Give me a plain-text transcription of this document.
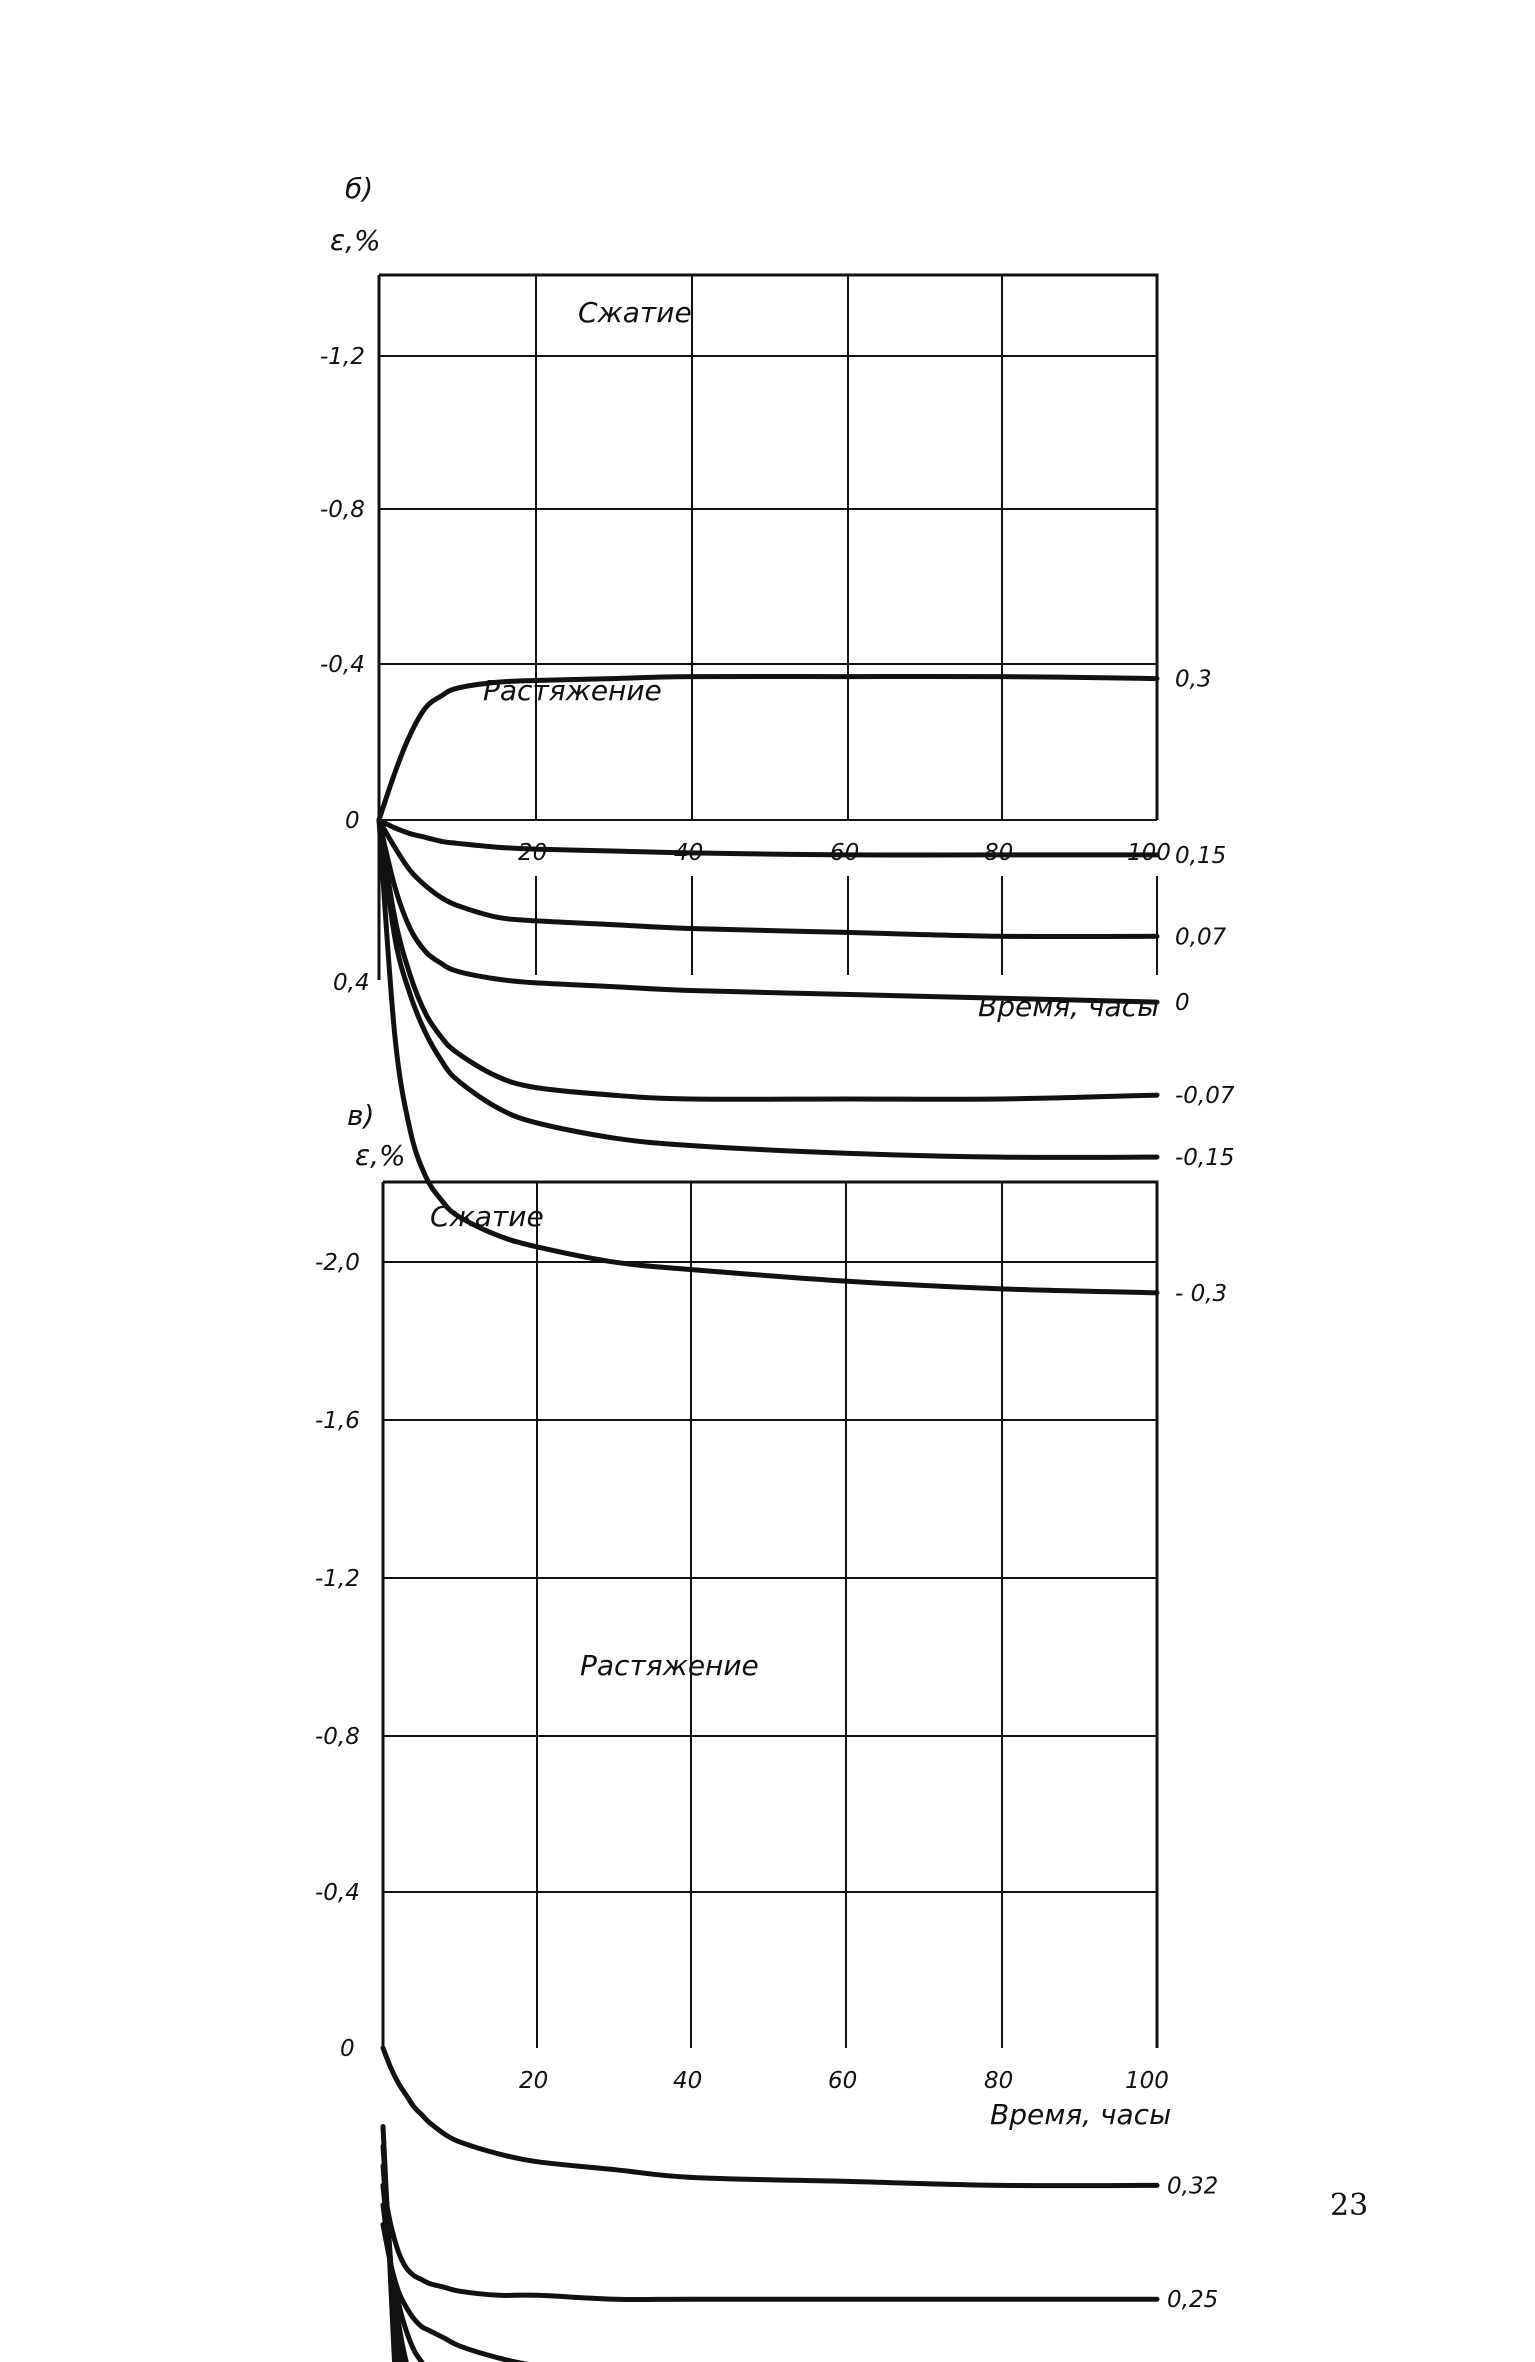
б)
ε,%
-1,2
-0,8
-0,4
0
0,4
20	40	60	80	100
Время, часы
Сжатие
Растяжение
- 0,3
-0,15
-0,07
0
0,07
0,15
0,3
в)
ε,%
-2,0
-1,6
-1,2
-0,8
-0,4
0
20	40	60	80	100
Время, часы
Сжатие
Растяжение
0,25
0,32
23
